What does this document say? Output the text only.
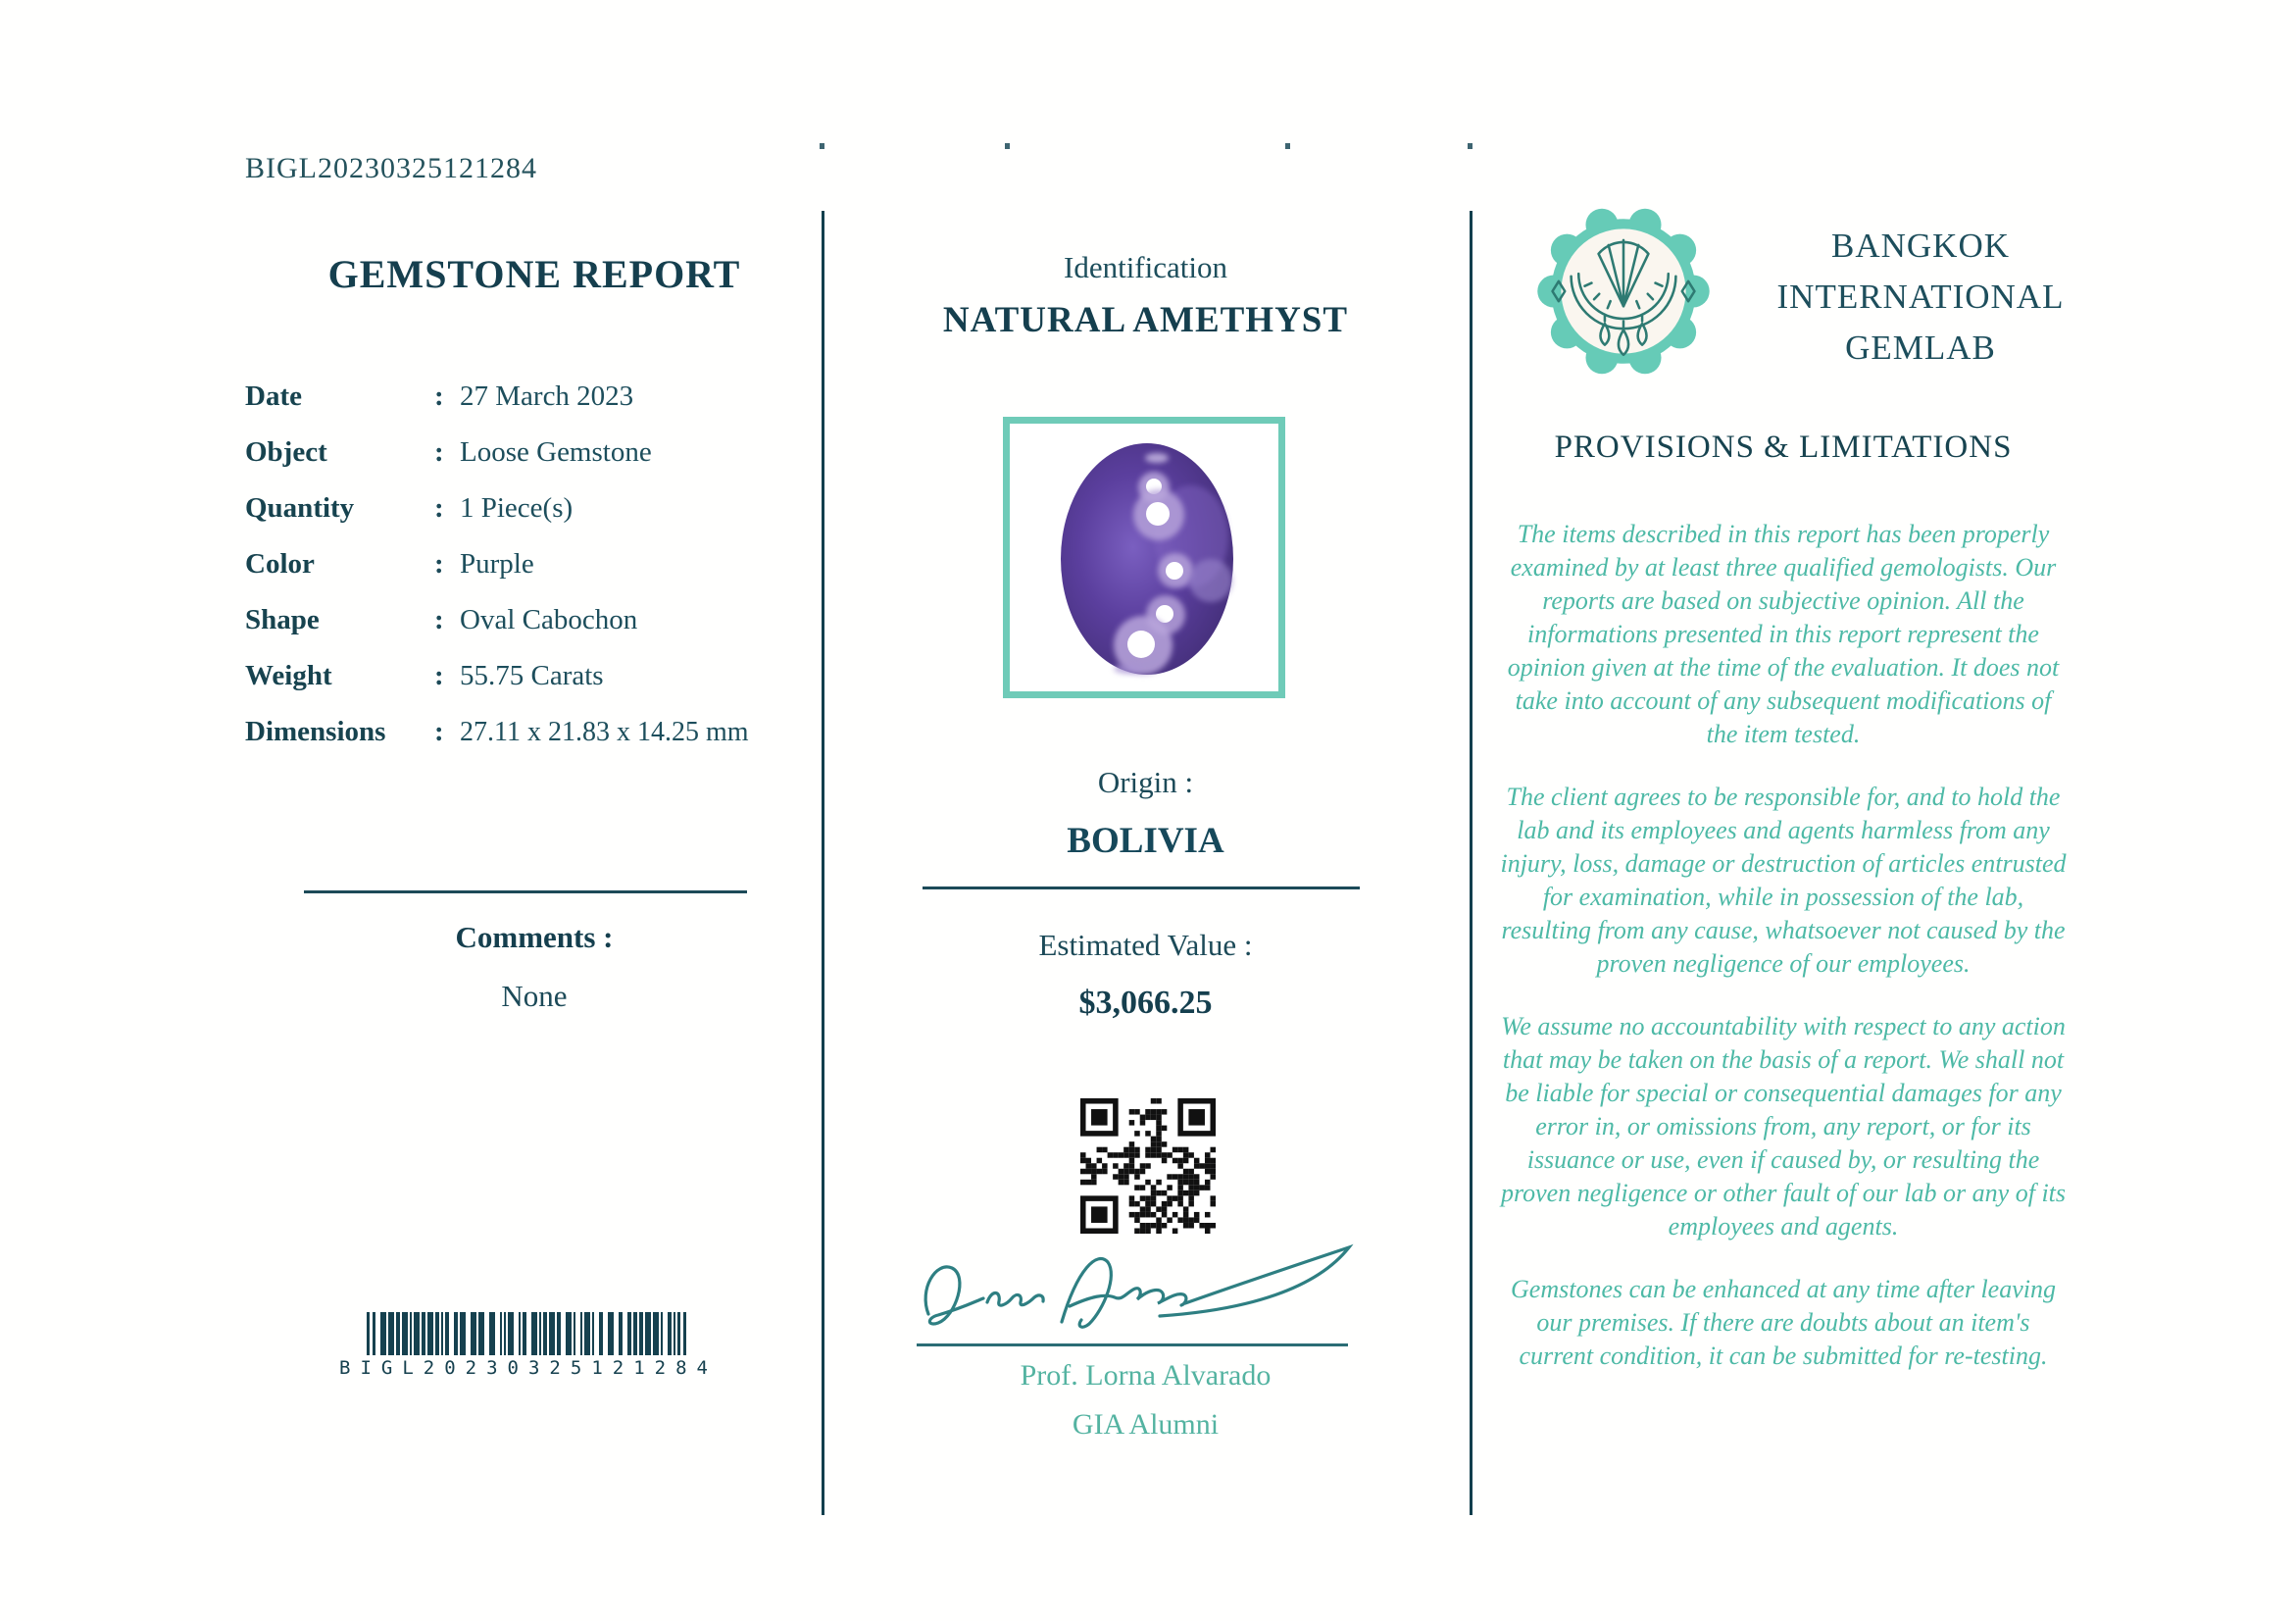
BIGL20230325121284
GEMSTONE REPORT
Date	: 27 March 2023
Object	: Loose Gemstone
Quantity	: 1 Piece(s)
Color	: Purple
Shape	: Oval Cabochon
Weight	: 55.75 Carats
Dimensions	: 27.11 x 21.83 x 14.25 mm
Comments :
None
BIGL20230325121284
Identification
NATURAL AMETHYST
Origin :
BOLIVIA
Estimated Value :
$3,066.25
Prof. Lorna Alvarado
GIA Alumni
BANGKOK
INTERNATIONAL
GEMLAB
PROVISIONS & LIMITATIONS

The items described in this report has been properly examined by at least three qualified gemologists. Our reports are based on subjective opinion. All the informations presented in this report represent the opinion given at the time of the evaluation. It does not take into account of any subsequent modifications of the item tested.

The client agrees to be responsible for, and to hold the lab and its employees and agents harmless from any injury, loss, damage or destruction of articles entrusted for examination, while in possession of the lab, resulting from any cause, whatsoever not caused by the proven negligence of our employees.

We assume no accountability with respect to any action that may be taken on the basis of a report. We shall not be liable for special or consequential damages for any error in, or omissions from, any report, or for its issuance or use, even if caused by, or resulting the proven negligence or other fault of our lab or any of its employees and agents.

Gemstones can be enhanced at any time after leaving our premises. If there are doubts about an item's current condition, it can be submitted for re-testing.
